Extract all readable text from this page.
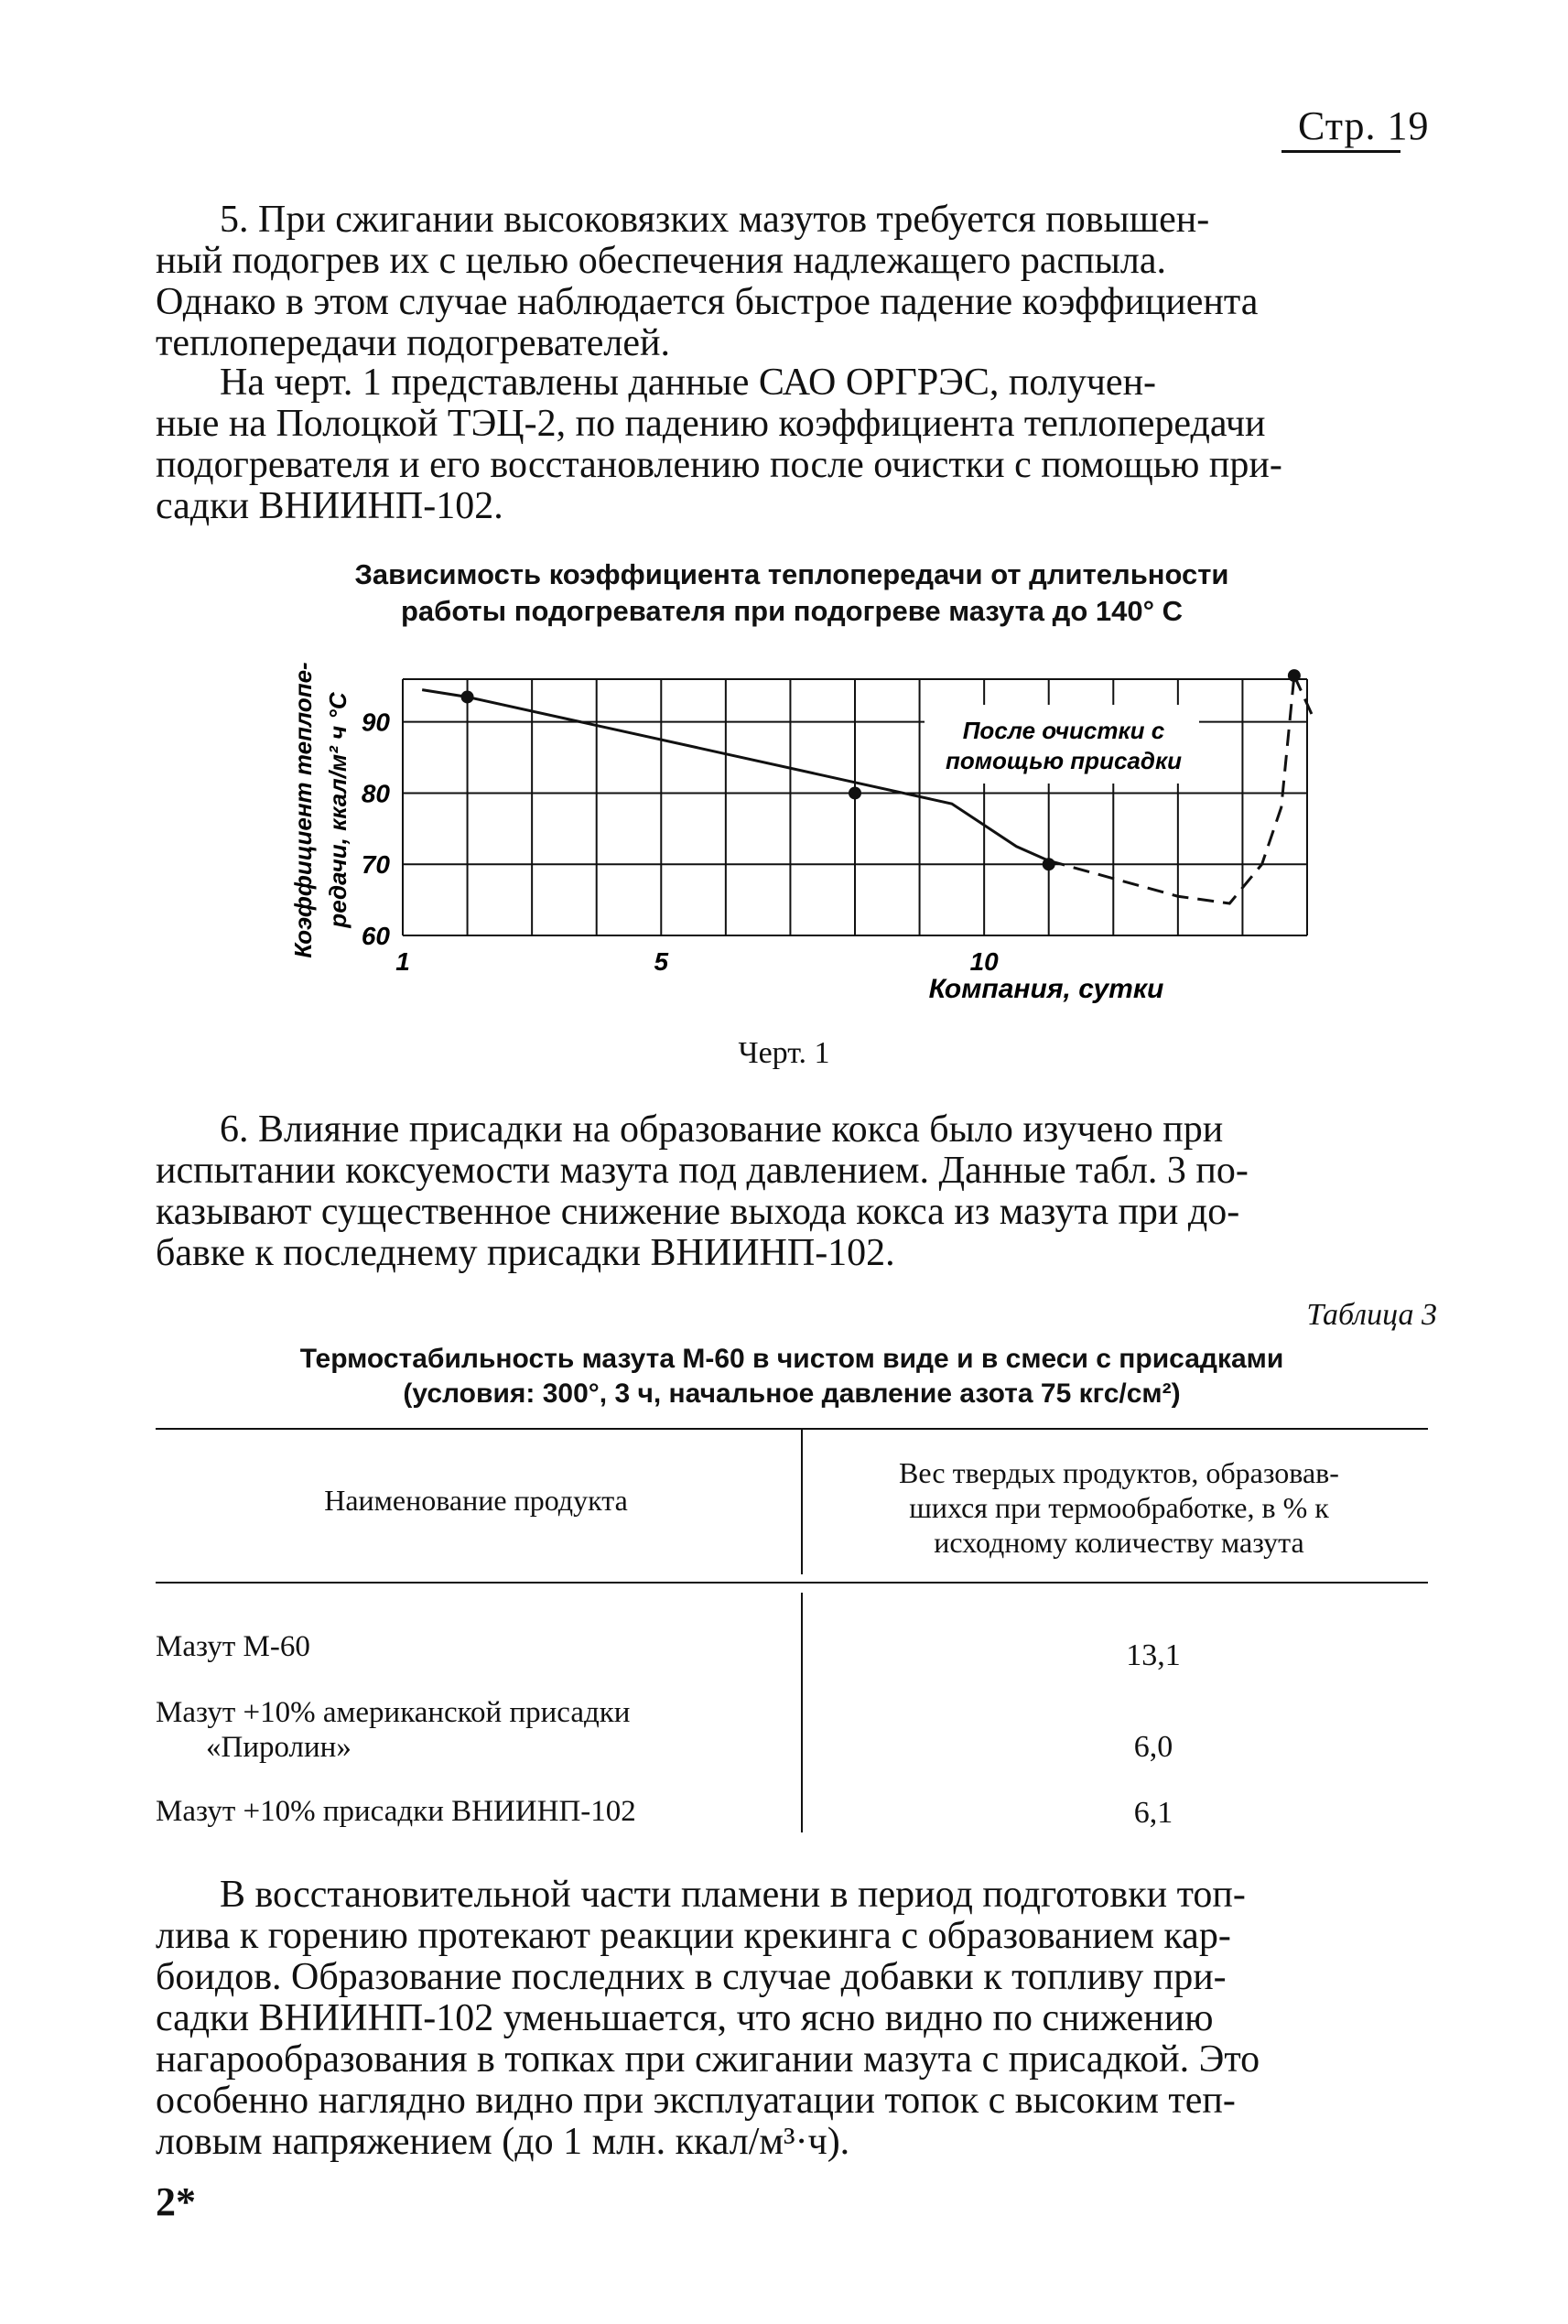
Стр. 19
5. При сжигании высоковязких мазутов требуется повышен-
ный подогрев их с целью обеспечения надлежащего распыла.
Однако в этом случае наблюдается быстрое падение коэффициента
теплопередачи подогревателей.
На черт. 1 представлены данные САО ОРГРЭС, получен-
ные на Полоцкой ТЭЦ-2, по падению коэффициента теплопередачи
подогревателя и его восстановлению после очистки с помощью при-
садки ВНИИНП-102.
Зависимость коэффициента теплопередачи от длительности
работы подогревателя при подогреве мазута до 140° С
Коэффициент теплопе- редачи, ккал/м² ч °С
Компания, сутки
После очистки с
помощью присадки
60
70
80
90
1	5	10
Черт. 1
6. Влияние присадки на образование кокса было изучено при
испытании коксуемости мазута под давлением. Данные табл. 3 по-
казывают существенное снижение выхода кокса из мазута при до-
бавке к последнему присадки ВНИИНП-102.
Таблица 3
Термостабильность мазута М-60 в чистом виде и в смеси с присадками
(условия: 300°, 3 ч, начальное давление азота 75 кгс/см²)
Наименование продукта
Вес твердых продуктов, образовав-
шихся при термообработке, в % к
исходному количеству мазута
Мазут М-60	13,1
Мазут +10% американской присадки
«Пиролин»	6,0
Мазут +10% присадки ВНИИНП-102	6,1
В восстановительной части пламени в период подготовки топ-
лива к горению протекают реакции крекинга с образованием кар-
боидов. Образование последних в случае добавки к топливу при-
садки ВНИИНП-102 уменьшается, что ясно видно по снижению
нагарообразования в топках при сжигании мазута с присадкой. Это
особенно наглядно видно при эксплуатации топок с высоким теп-
ловым напряжением (до 1 млн. ккал/м³·ч).
2*
